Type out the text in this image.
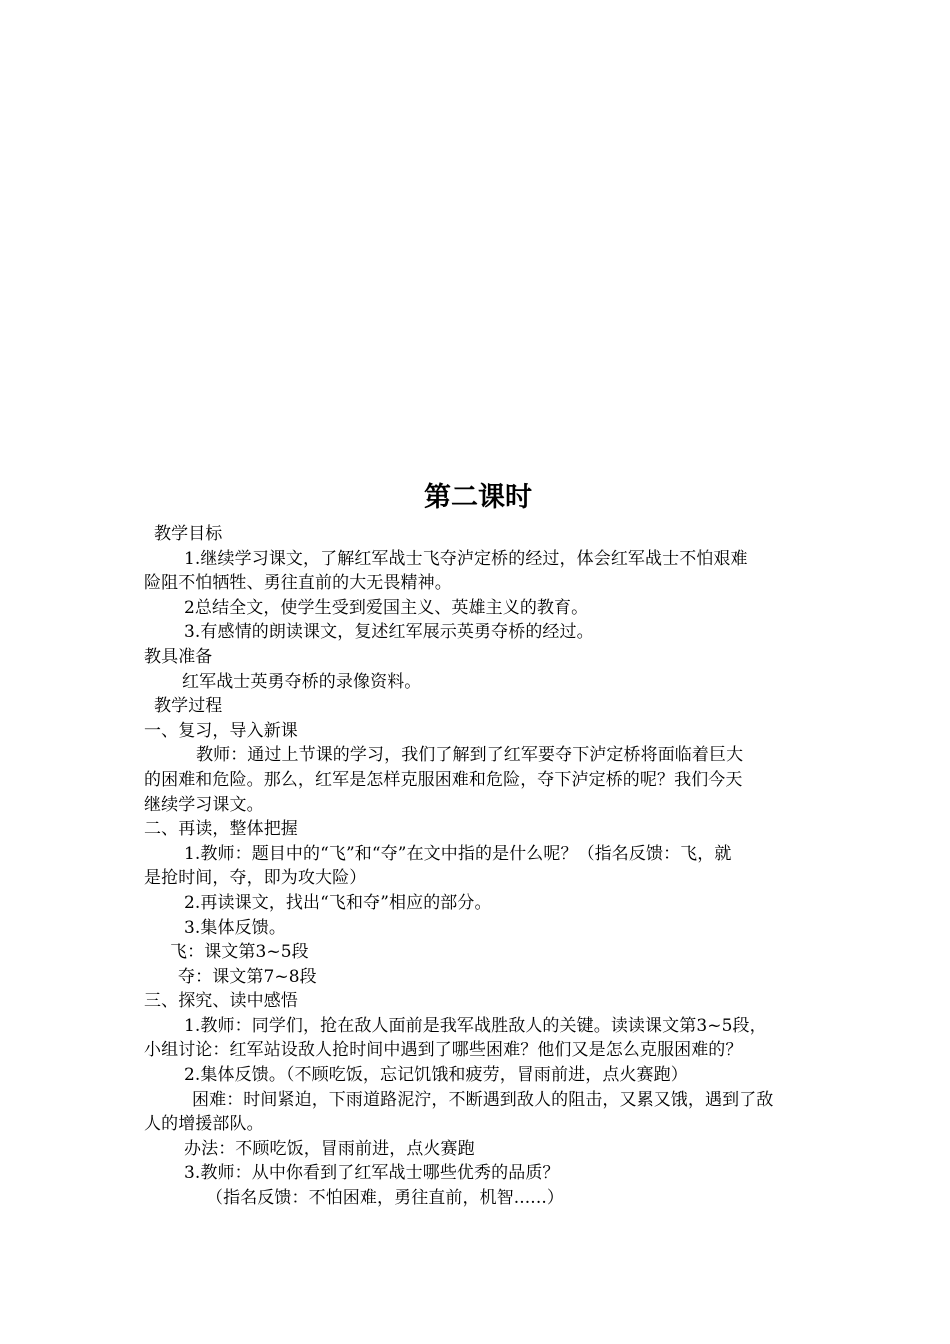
第二课时
教学目标
1.继续学习课文，了解红军战士飞夺泸定桥的经过，体会红军战士不怕艰难
险阻不怕牺牲、勇往直前的大无畏精神。
2总结全文，使学生受到爱国主义、英雄主义的教育。
3.有感情的朗读课文，复述红军展示英勇夺桥的经过。
教具准备
红军战士英勇夺桥的录像资料。
教学过程
一、复习，导入新课
教师：通过上节课的学习，我们了解到了红军要夺下泸定桥将面临着巨大
的困难和危险。那么，红军是怎样克服困难和危险，夺下泸定桥的呢？我们今天
继续学习课文。
二、再读，整体把握
1.教师：题目中的“飞”和“夺”在文中指的是什么呢？（指名反馈：飞，就
是抢时间，夺，即为攻大险）
2.再读课文，找出“飞和夺”相应的部分。
3.集体反馈。
飞：课文第3~5段
夺：课文第7~8段
三、探究、读中感悟
1.教师：同学们，抢在敌人面前是我军战胜敌人的关键。读读课文第3~5段，
小组讨论：红军站设敌人抢时间中遇到了哪些困难？他们又是怎么克服困难的？
2.集体反馈。（不顾吃饭，忘记饥饿和疲劳，冒雨前进，点火赛跑）
困难：时间紧迫，下雨道路泥泞，不断遇到敌人的阻击，又累又饿，遇到了敌
人的增援部队。
办法：不顾吃饭，冒雨前进，点火赛跑
3.教师：从中你看到了红军战士哪些优秀的品质？
（指名反馈：不怕困难，勇往直前，机智......）
